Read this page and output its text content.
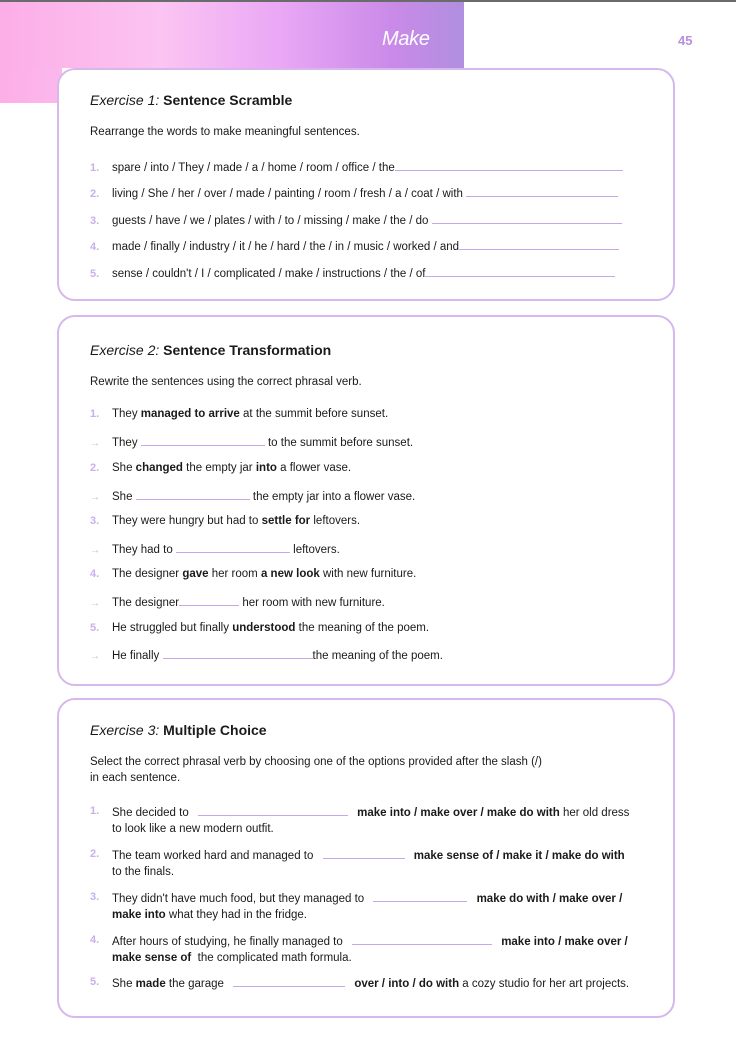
Make	45
Exercise 1: Sentence Scramble
Rearrange the words to make meaningful sentences.
1. spare / into / They / made / a / home / room / office / the
2. living / She / her / over / made / painting / room / fresh / a / coat / with
3. guests / have / we / plates / with / to / missing / make / the / do
4. made / finally / industry / it / he / hard / the / in / music / worked / and
5. sense / couldn't / I / complicated / make / instructions / the / of
Exercise 2: Sentence Transformation
Rewrite the sentences using the correct phrasal verb.
1. They managed to arrive at the summit before sunset.
→ They	to the summit before sunset.
2. She changed the empty jar into a flower vase.
→ She	the empty jar into a flower vase.
3. They were hungry but had to settle for leftovers.
→ They had to	leftovers.
4. The designer gave her room a new look with new furniture.
→ The designer	her room with new furniture.
5. He struggled but finally understood the meaning of the poem.
→ He finally	the meaning of the poem.
Exercise 3: Multiple Choice
Select the correct phrasal verb by choosing one of the options provided after the slash (/)
in each sentence.
1.	She decided to	make into / make over / make do with her old dress
to look like a new modern outfit.
2.	The team worked hard and managed to	make sense of / make it / make do with
to the finals.
3.	They didn't have much food, but they managed to	make do with / make over /
make into what they had in the fridge.
4.	After hours of studying, he finally managed to	make into / make over /
make sense of  the complicated math formula.
5.	She made the garage	over / into / do with a cozy studio for her art projects.
